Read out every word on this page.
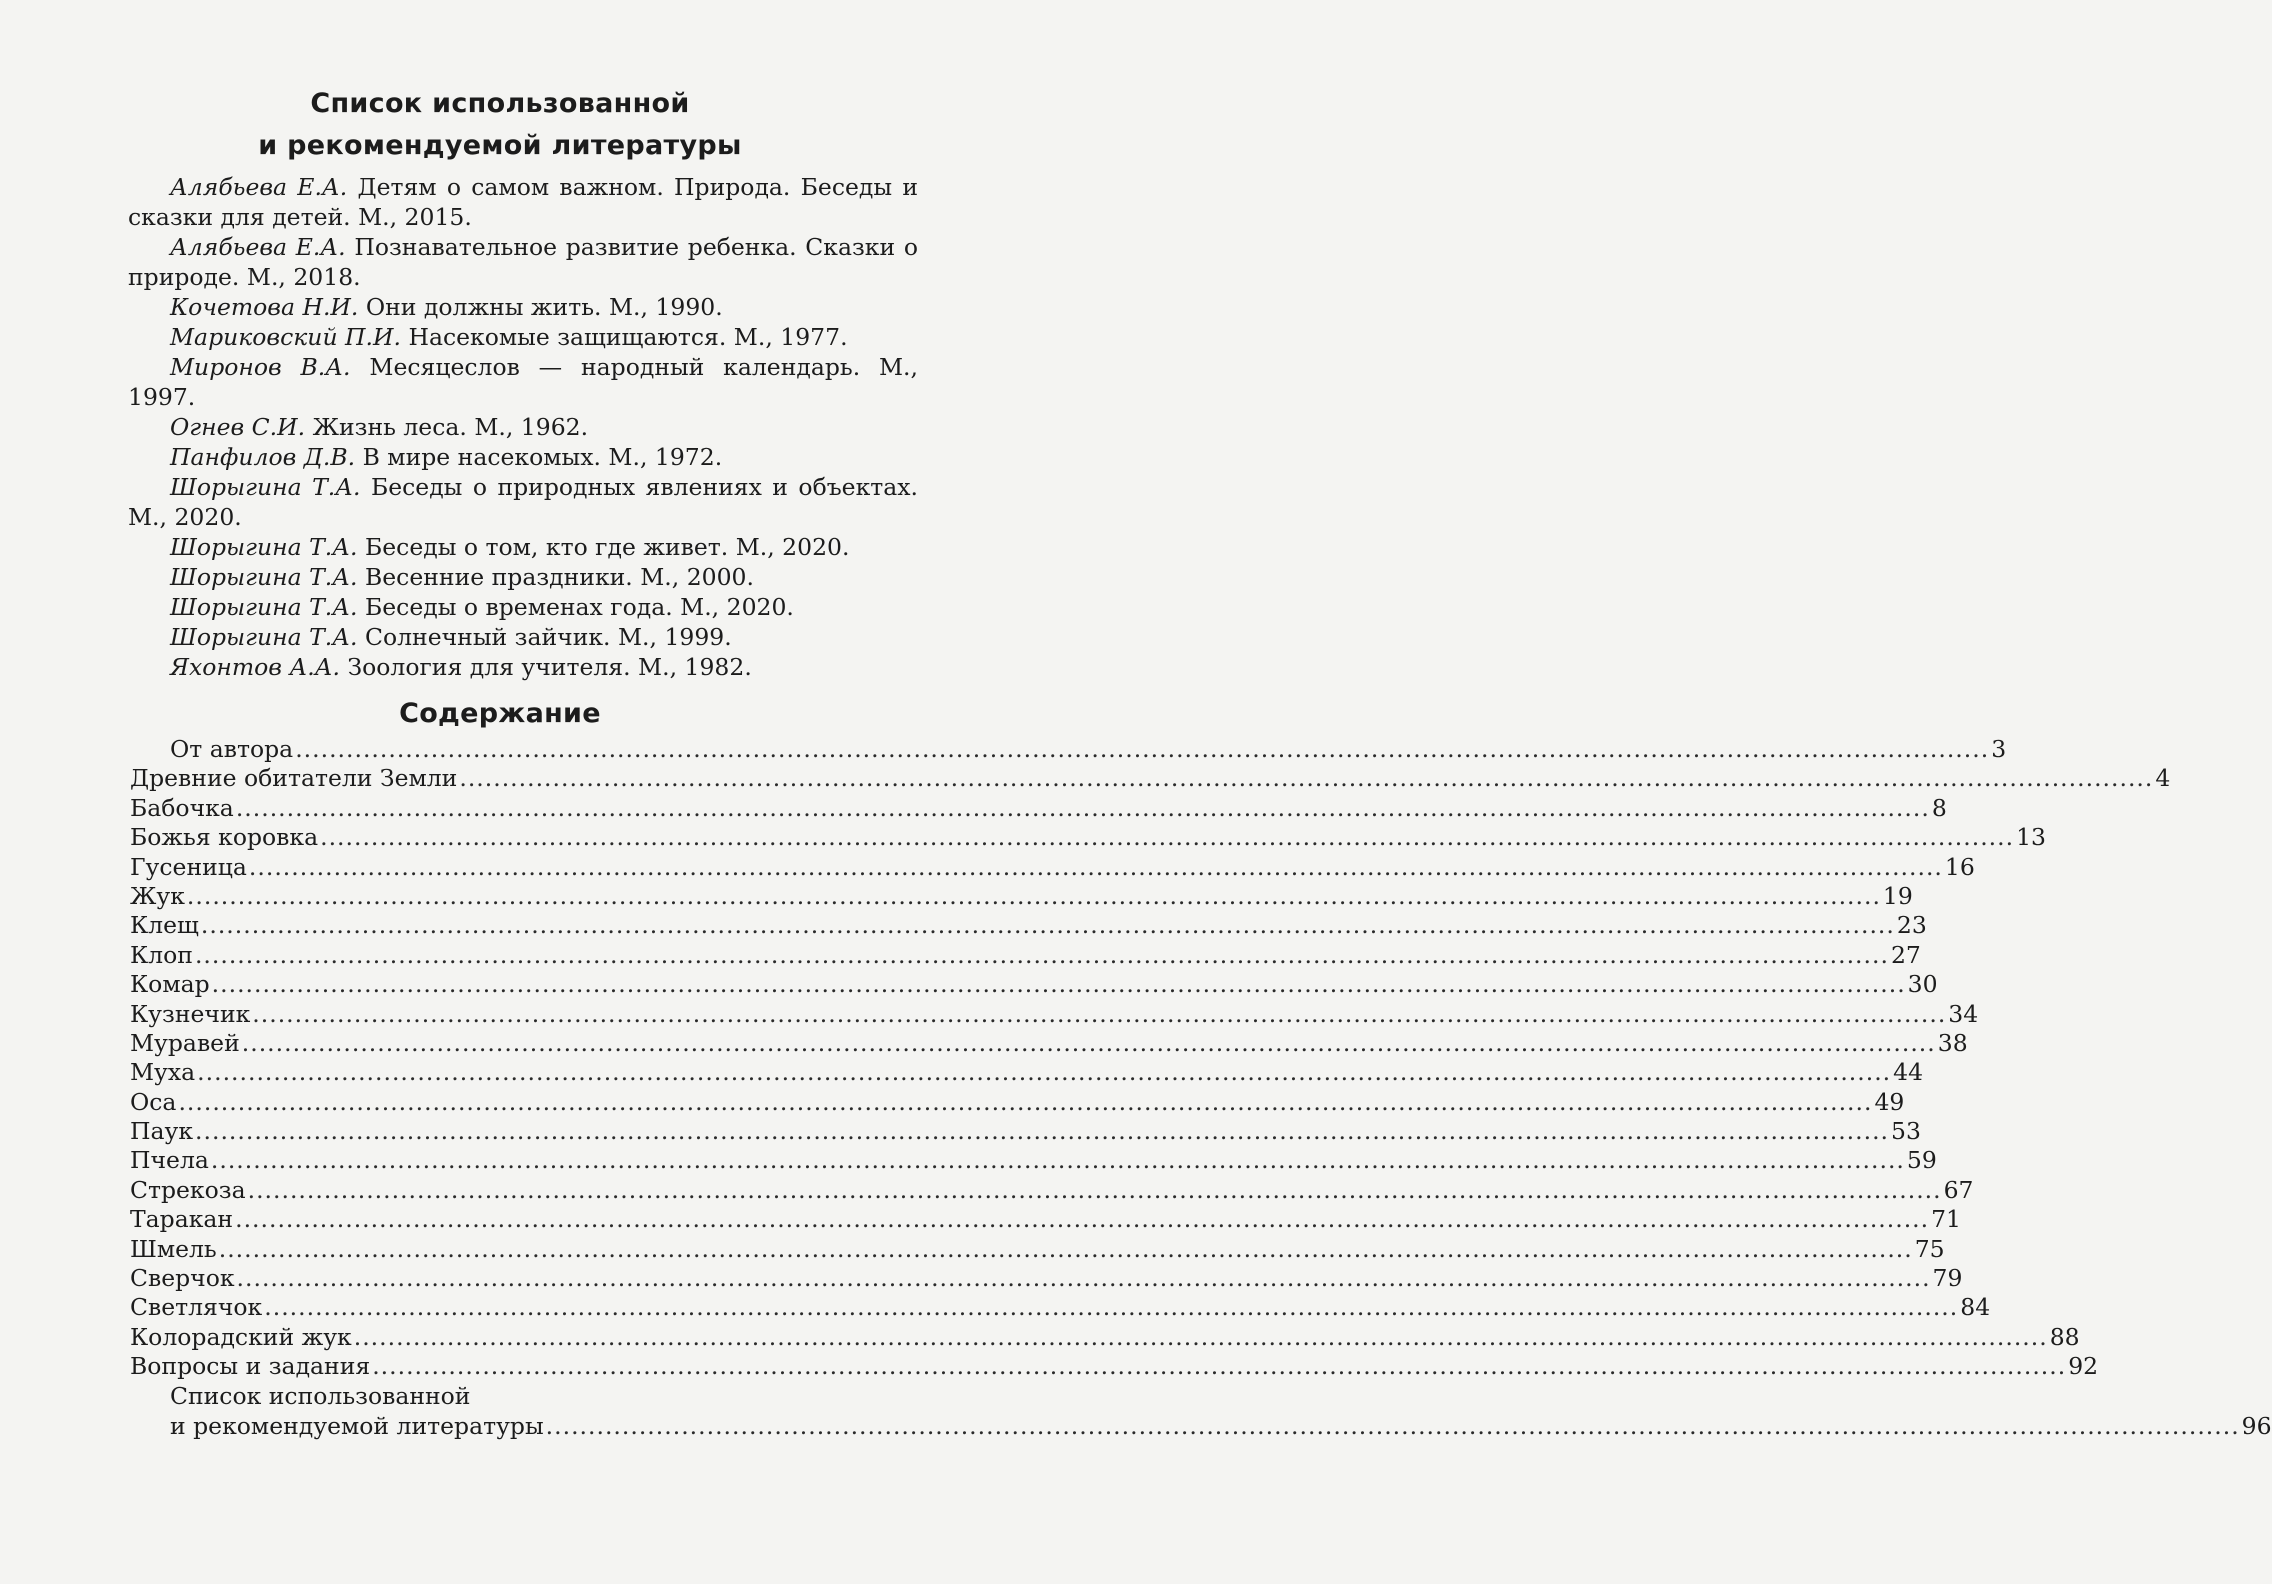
Список использованной
и рекомендуемой литературы
Алябьева Е.А. Детям о самом важном. Природа. Беседы и сказки для детей. М., 2015.
Алябьева Е.А. Познавательное развитие ребенка. Сказки о природе. М., 2018.
Кочетова Н.И. Они должны жить. М., 1990.
Мариковский П.И. Насекомые защищаются. М., 1977.
Миронов В.А. Месяцеслов — народный календарь. М., 1997.
Огнев С.И. Жизнь леса. М., 1962.
Панфилов Д.В. В мире насекомых. М., 1972.
Шорыгина Т.А. Беседы о природных явлениях и объектах. М., 2020.
Шорыгина Т.А. Беседы о том, кто где живет. М., 2020.
Шорыгина Т.А. Весенние праздники. М., 2000.
Шорыгина Т.А. Беседы о временах года. М., 2020.
Шорыгина Т.А. Солнечный зайчик. М., 1999.
Яхонтов А.А. Зоология для учителя. М., 1982.
Содержание
От автора ........................................................................................................................................................................................................ 3
Древние обитатели Земли ........................................................................................................................................................................................................ 4
Бабочка ........................................................................................................................................................................................................ 8
Божья коровка ........................................................................................................................................................................................................ 13
Гусеница ........................................................................................................................................................................................................ 16
Жук ........................................................................................................................................................................................................ 19
Клещ ........................................................................................................................................................................................................ 23
Клоп ........................................................................................................................................................................................................ 27
Комар ........................................................................................................................................................................................................ 30
Кузнечик ........................................................................................................................................................................................................ 34
Муравей ........................................................................................................................................................................................................ 38
Муха ........................................................................................................................................................................................................ 44
Оса ........................................................................................................................................................................................................ 49
Паук ........................................................................................................................................................................................................ 53
Пчела ........................................................................................................................................................................................................ 59
Стрекоза ........................................................................................................................................................................................................ 67
Таракан ........................................................................................................................................................................................................ 71
Шмель ........................................................................................................................................................................................................ 75
Сверчок ........................................................................................................................................................................................................ 79
Светлячок ........................................................................................................................................................................................................ 84
Колорадский жук ........................................................................................................................................................................................................ 88
Вопросы и задания ........................................................................................................................................................................................................ 92
Список использованной
и рекомендуемой литературы ........................................................................................................................................................................................................ 96
